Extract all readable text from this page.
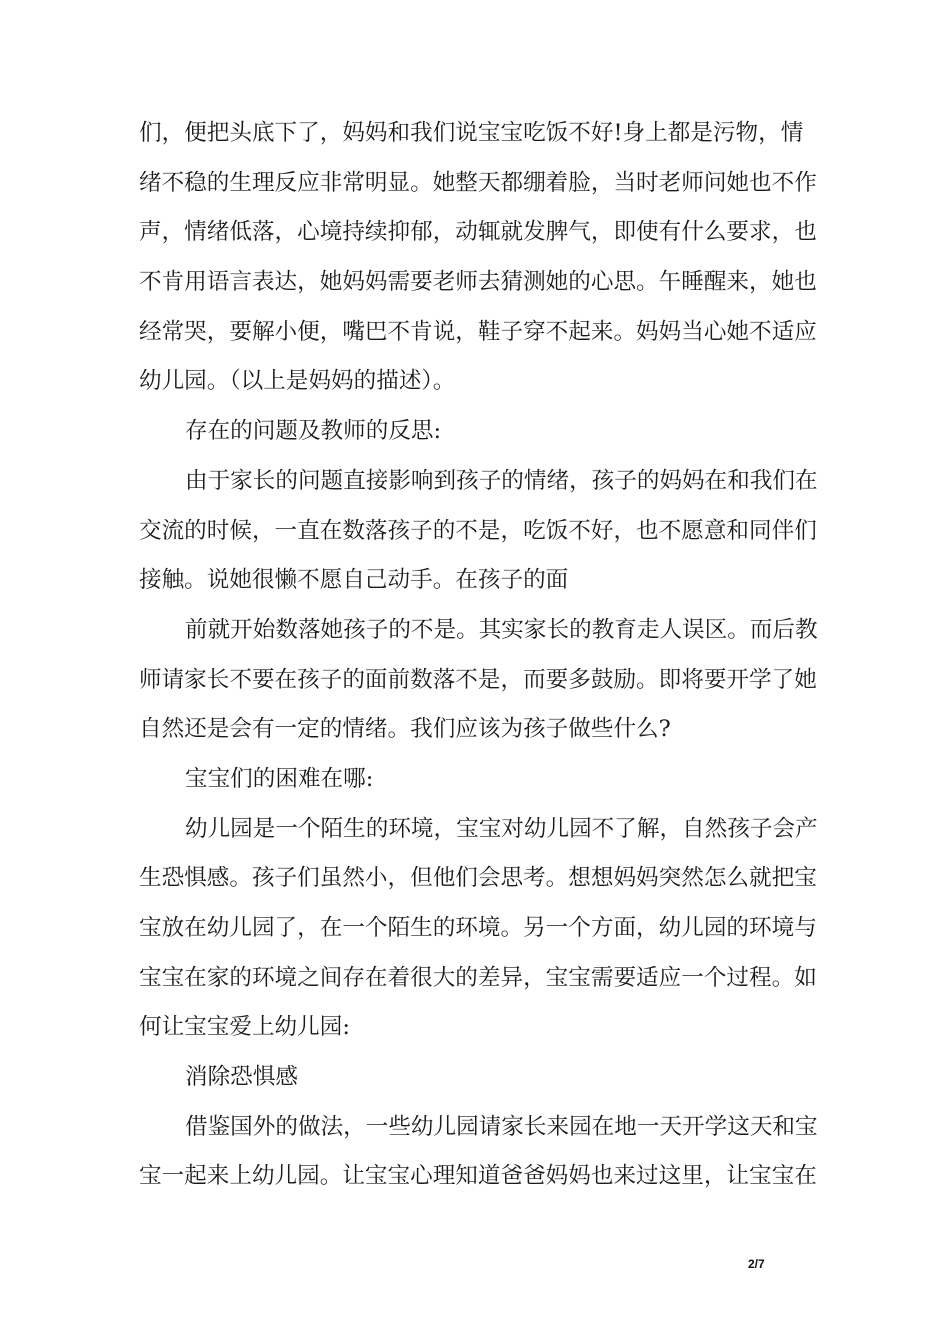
们，便把头底下了，妈妈和我们说宝宝吃饭不好!身上都是污物，情
绪不稳的生理反应非常明显。她整天都绷着脸，当时老师问她也不作
声，情绪低落，心境持续抑郁，动辄就发脾气，即使有什么要求，也
不肯用语言表达，她妈妈需要老师去猜测她的心思。午睡醒来，她也
经常哭，要解小便，嘴巴不肯说，鞋子穿不起来。妈妈当心她不适应
幼儿园。（以上是妈妈的描述）。
存在的问题及教师的反思:
由于家长的问题直接影响到孩子的情绪，孩子的妈妈在和我们在
交流的时候，一直在数落孩子的不是，吃饭不好，也不愿意和同伴们
接触。说她很懒不愿自己动手。在孩子的面
前就开始数落她孩子的不是。其实家长的教育走人误区。而后教
师请家长不要在孩子的面前数落不是，而要多鼓励。即将要开学了她
自然还是会有一定的情绪。我们应该为孩子做些什么?
宝宝们的困难在哪:
幼儿园是一个陌生的环境，宝宝对幼儿园不了解，自然孩子会产
生恐惧感。孩子们虽然小，但他们会思考。想想妈妈突然怎么就把宝
宝放在幼儿园了，在一个陌生的环境。另一个方面，幼儿园的环境与
宝宝在家的环境之间存在着很大的差异，宝宝需要适应一个过程。如
何让宝宝爱上幼儿园:
消除恐惧感
借鉴国外的做法，一些幼儿园请家长来园在地一天开学这天和宝
宝一起来上幼儿园。让宝宝心理知道爸爸妈妈也来过这里，让宝宝在
2/7
